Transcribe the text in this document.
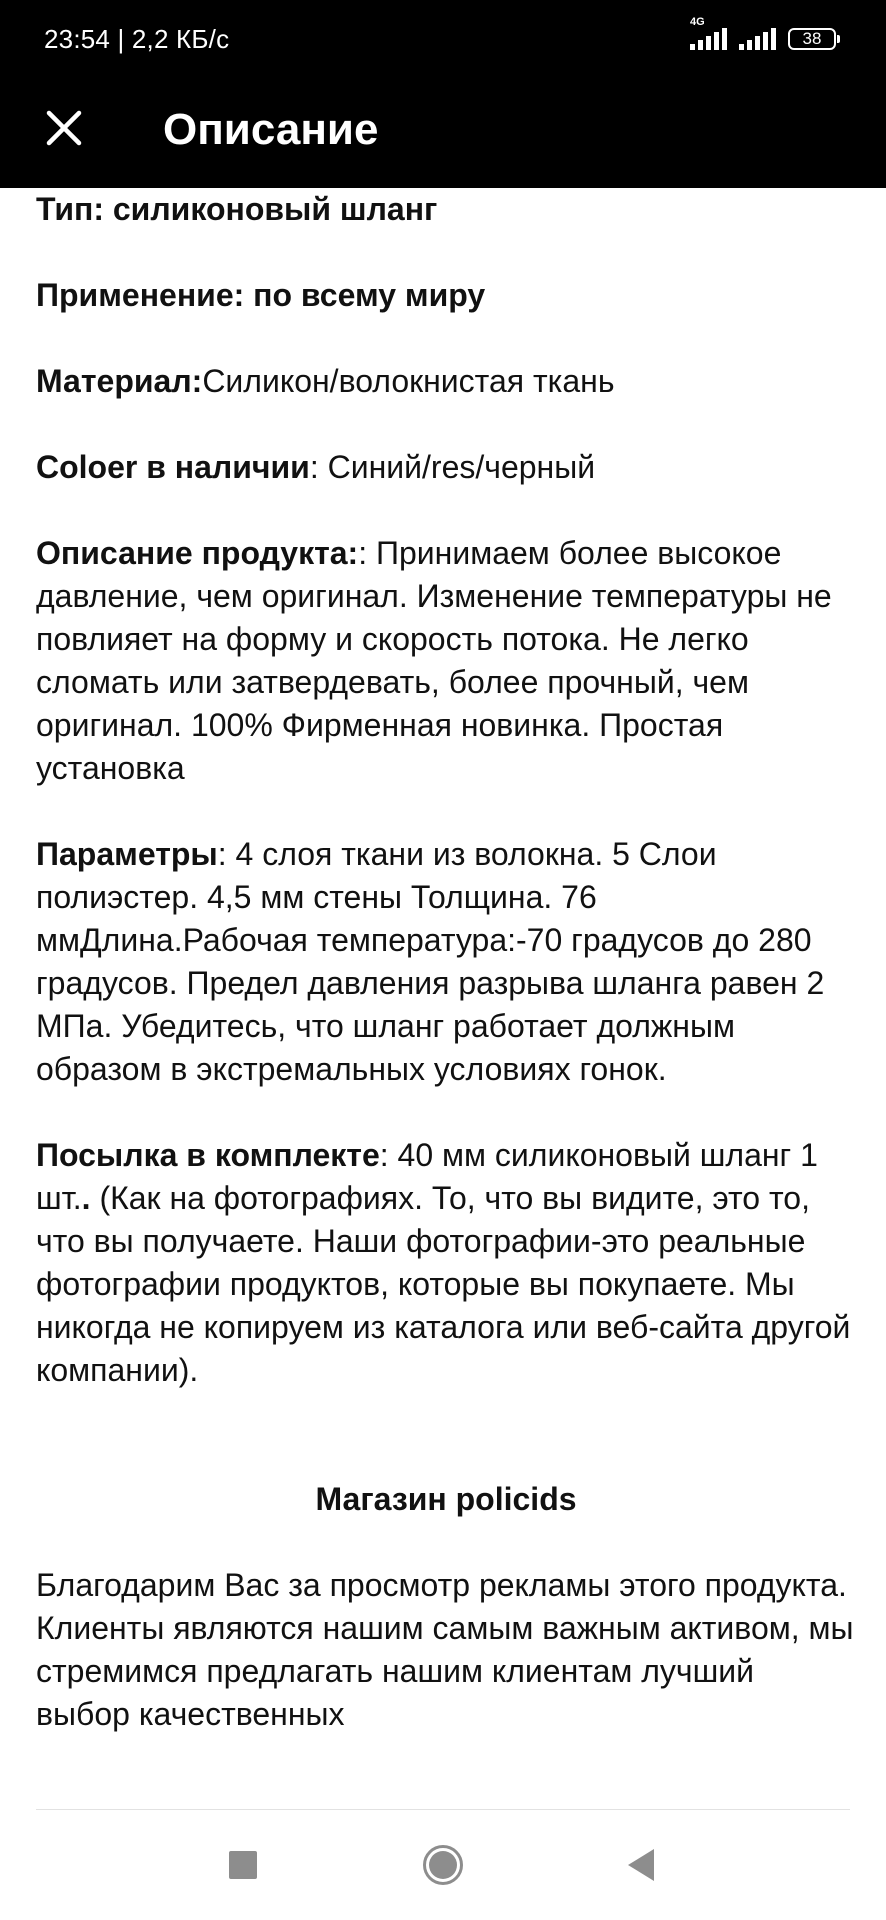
23:54 | 2,2 КБ/с
4G
38
Описание

Тип: силиконовый шланг

Применение: по всему миру

Материал:Силикон/волокнистая ткань

Coloer в наличии: Синий/res/черный

Описание продукта:: Принимаем более высокое давление, чем оригинал. Изменение температуры не повлияет на форму и скорость потока. Не легко сломать или затвердевать, более прочный, чем оригинал. 100% Фирменная новинка. Простая установка

Параметры: 4 слоя ткани из волокна. 5 Слои полиэстер. 4,5 мм стены Толщина. 76 ммДлина.Рабочая температура:-70 градусов до 280 градусов. Предел давления разрыва шланга равен 2 МПа. Убедитесь, что шланг работает должным образом в экстремальных условиях гонок.

Посылка в комплекте: 40 мм силиконовый шланг 1 шт.. (Как на фотографиях. То, что вы видите, это то, что вы получаете. Наши фотографии-это реальные фотографии продуктов, которые вы покупаете. Мы никогда не копируем из каталога или веб-сайта другой компании).

Магазин policids

Благодарим Вас за просмотр рекламы этого продукта. Клиенты являются нашим самым важным активом, мы стремимся предлагать нашим клиентам лучший выбор качественных
